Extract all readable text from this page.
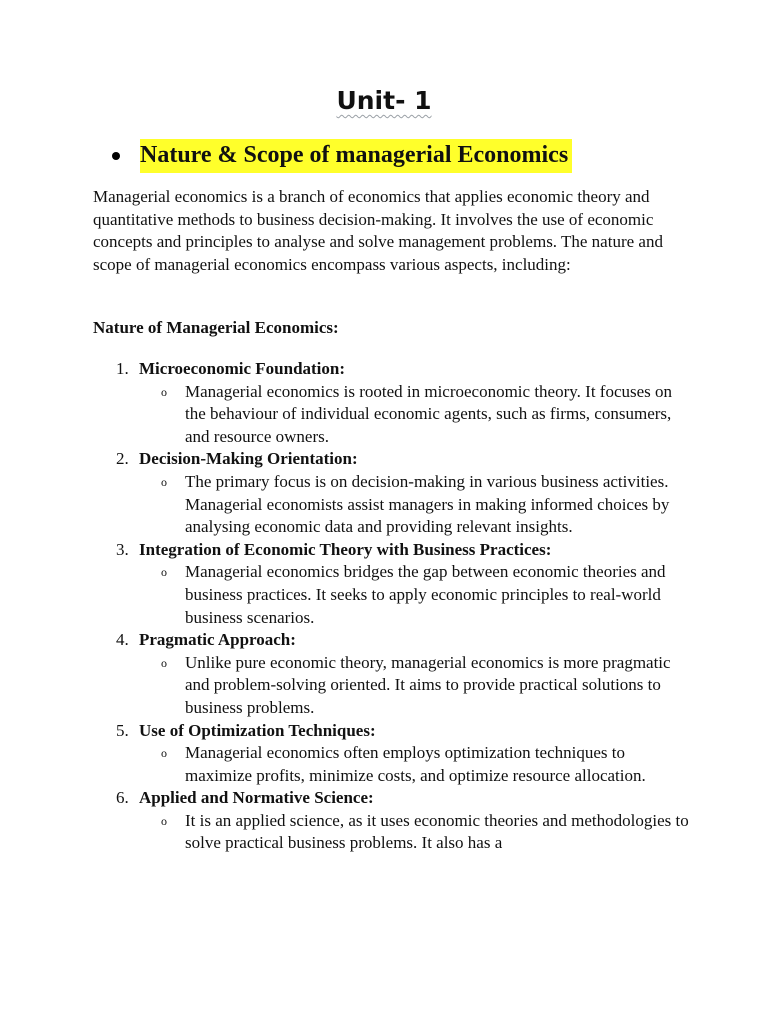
Unit- 1
Nature & Scope of managerial Economics

Managerial economics is a branch of economics that applies economic theory and quantitative methods to business decision-making. It involves the use of economic concepts and principles to analyse and solve management problems. The nature and scope of managerial economics encompass various aspects, including:

Nature of Managerial Economics:
1. Microeconomic Foundation:
o Managerial economics is rooted in microeconomic theory. It focuses on the behaviour of individual economic agents, such as firms, consumers, and resource owners.
2. Decision-Making Orientation:
o The primary focus is on decision-making in various business activities. Managerial economists assist managers in making informed choices by analysing economic data and providing relevant insights.
3. Integration of Economic Theory with Business Practices:
o Managerial economics bridges the gap between economic theories and business practices. It seeks to apply economic principles to real-world business scenarios.
4. Pragmatic Approach:
o Unlike pure economic theory, managerial economics is more pragmatic and problem-solving oriented. It aims to provide practical solutions to business problems.
5. Use of Optimization Techniques:
o Managerial economics often employs optimization techniques to maximize profits, minimize costs, and optimize resource allocation.
6. Applied and Normative Science:
o It is an applied science, as it uses economic theories and methodologies to solve practical business problems. It also has a
